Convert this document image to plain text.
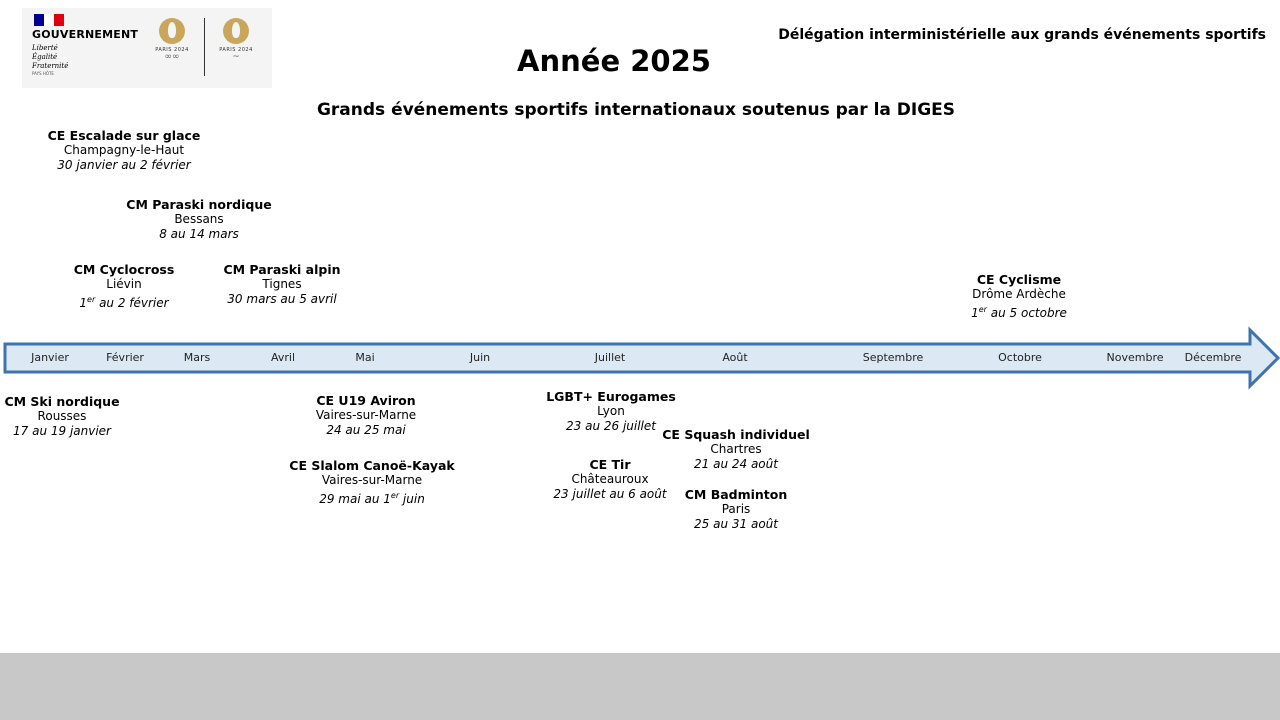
GOUVERNEMENT
Liberté
Égalité
Fraternité
PAYS HÔTE
PARIS 2024
∞∞
PARIS 2024
~
Délégation interministérielle aux grands événements sportifs
Année 2025
Grands événements sportifs internationaux soutenus par la DIGES
Janvier	Février	Mars	Avril	Mai	Juin	Juillet	Août	Septembre	Octobre	Novembre Décembre
CE Escalade sur glace
Champagny-le-Haut
30 janvier au 2 février
CM Paraski nordique
Bessans
8 au 14 mars
CM Cyclocross
Liévin
1er au 2 février
CM Paraski alpin
Tignes
30 mars au 5 avril
CE Cyclisme
Drôme Ardèche
1er au 5 octobre
CM Ski nordique
Rousses
17 au 19 janvier
CE U19 Aviron
Vaires-sur-Marne
24 au 25 mai
CE Slalom Canoë-Kayak
Vaires-sur-Marne
29 mai au 1er juin
LGBT+ Eurogames
Lyon
23 au 26 juillet
CE Tir
Châteauroux
23 juillet au 6 août
CE Squash individuel
Chartres
21 au 24 août
CM Badminton
Paris
25 au 31 août
